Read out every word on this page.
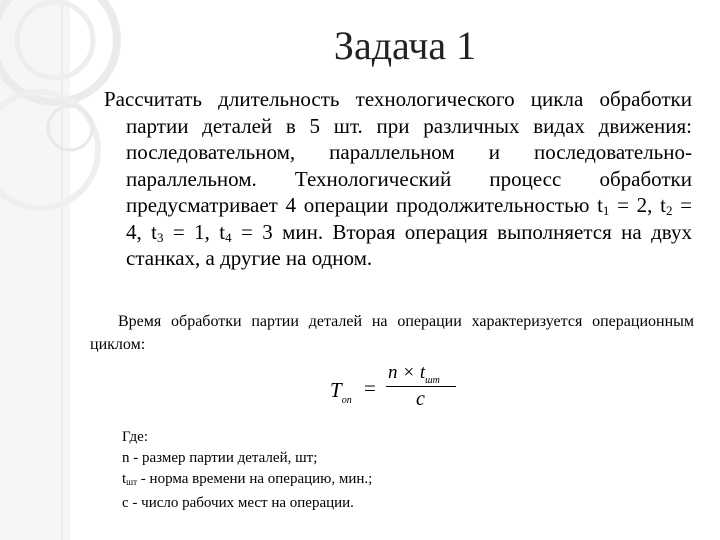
Задача 1
Рассчитать длительность технологического цикла обработки партии деталей в 5 шт. при различных видах движения: последовательном, параллельном и последовательно-параллельном. Технологический процесс обработки предусматривает 4 операции продолжительностью $t_1 = 2$, $t_2 = 4$, $t_3 = 1$, $t_4 = 3$ мин. Вторая операция выполняется на двух станках, а другие на одном.
Время обработки партии деталей на операции характеризуется операционным циклом:
$T_{оп}$
=
$n \times t_{шт}$
c
Где:
n - размер партии деталей, шт;
$t_{шт}$ - норма времени на операцию, мин.;
с - число рабочих мест на операции.
